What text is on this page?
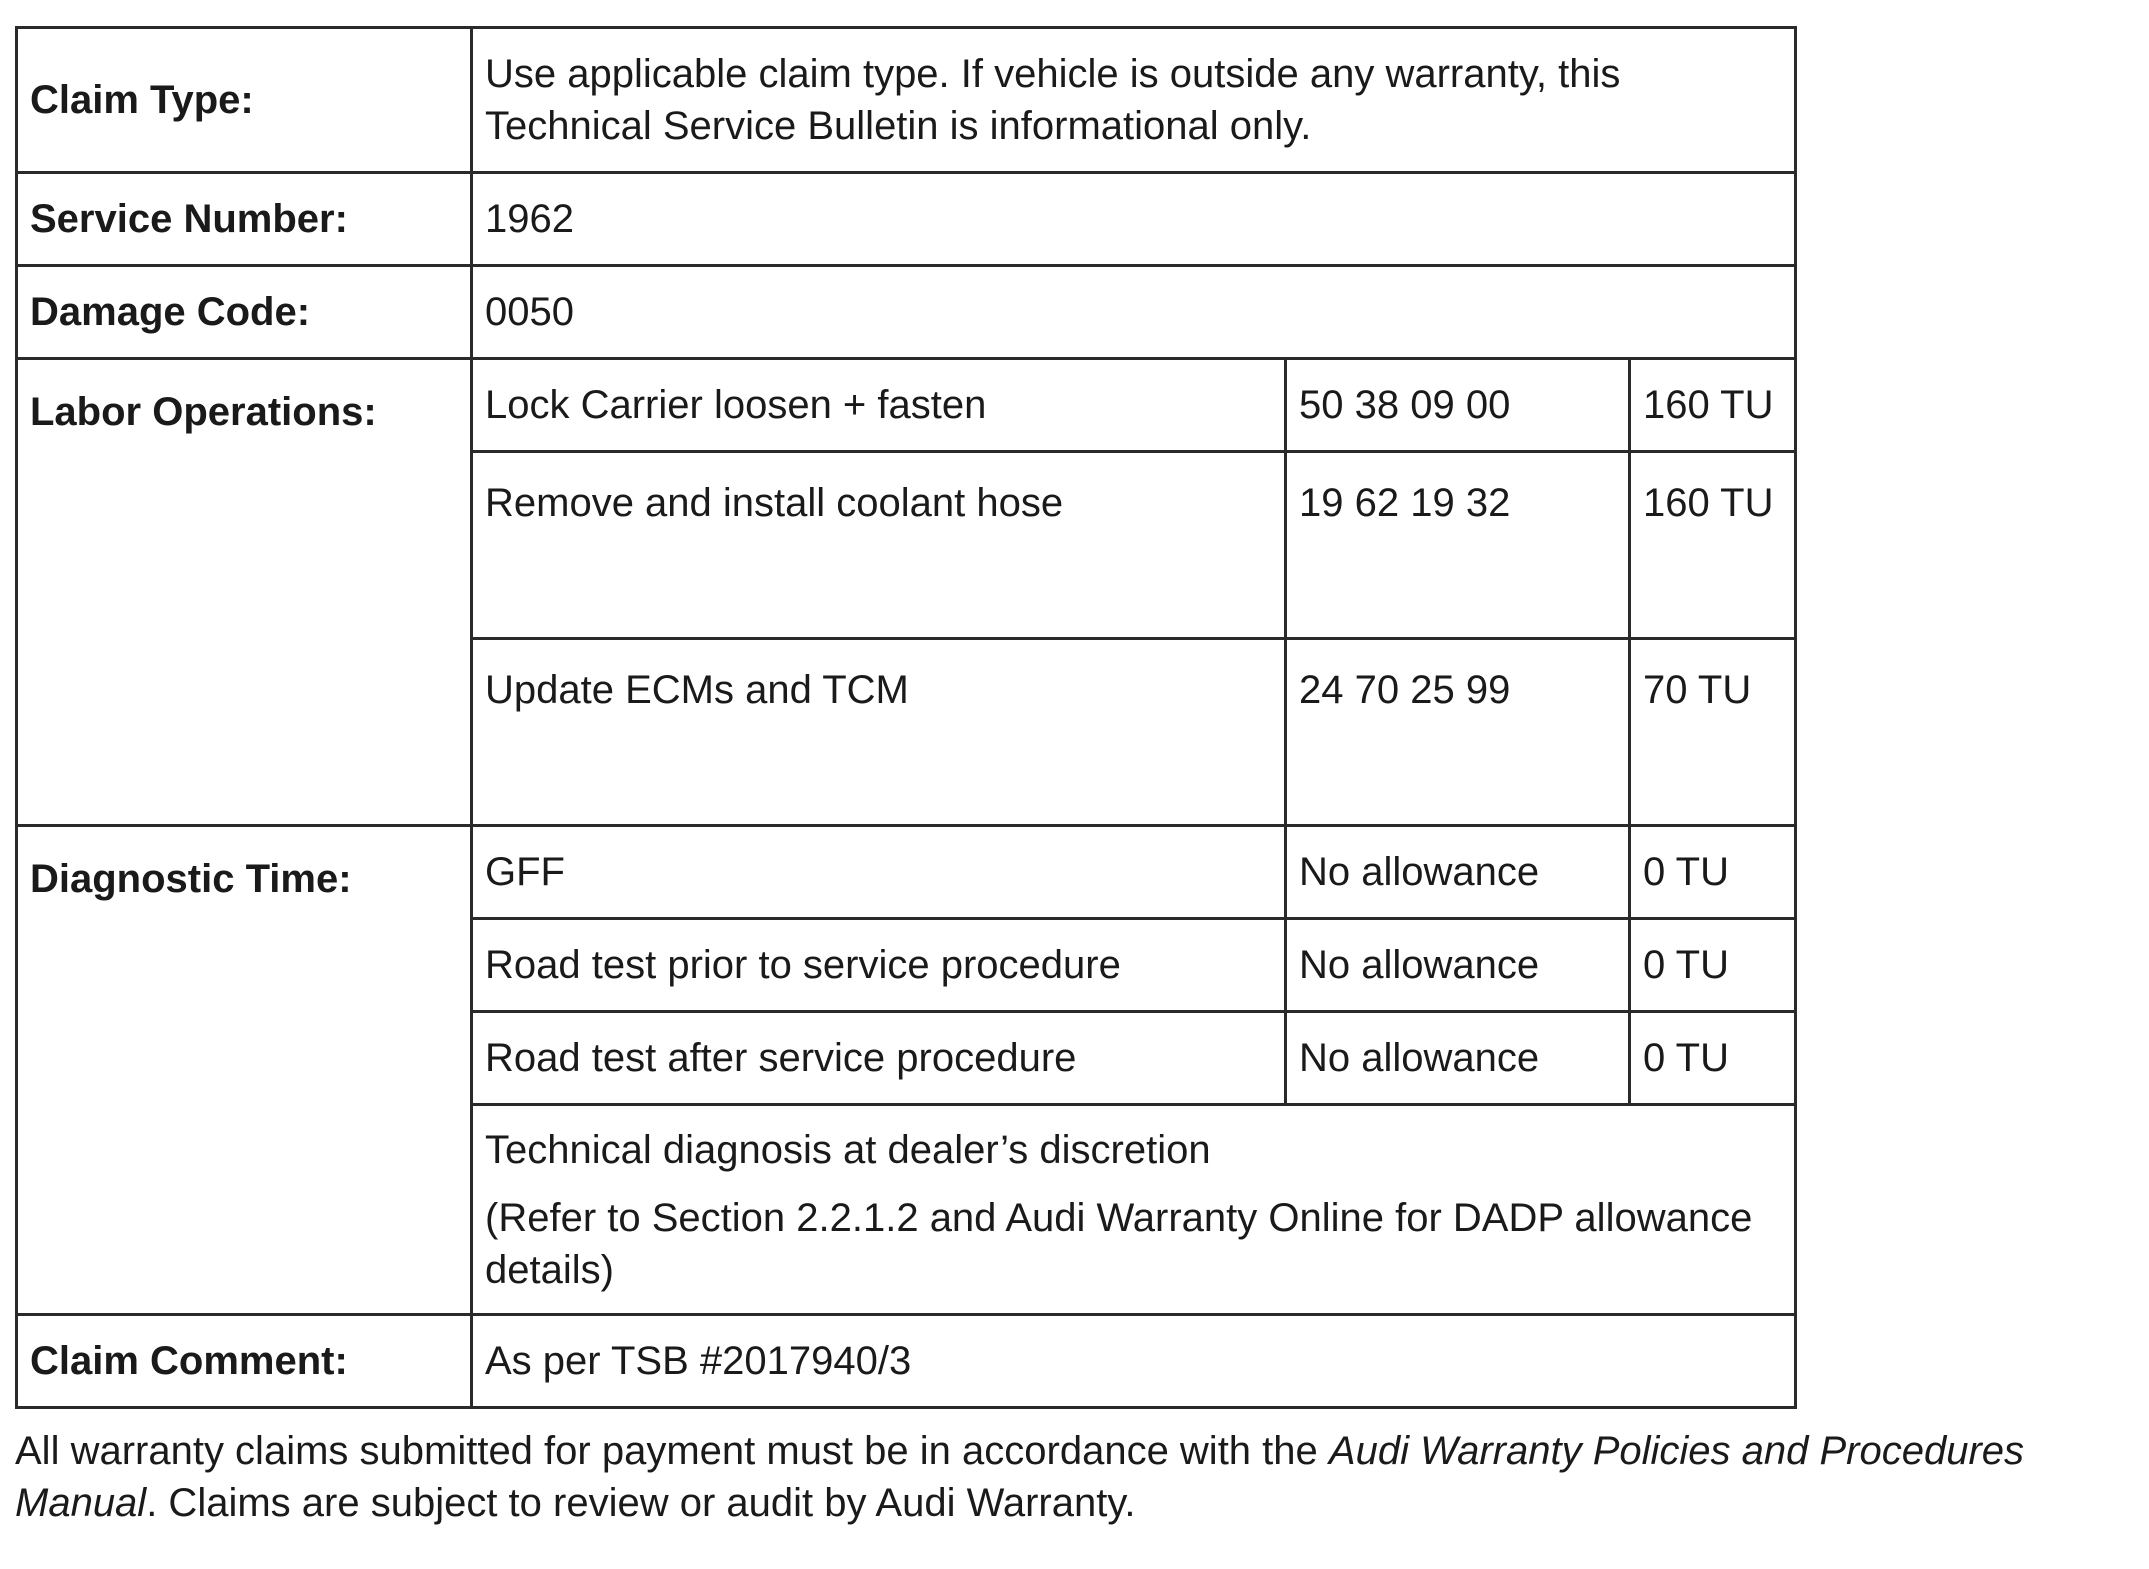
Claim Type:	Use applicable claim type. If vehicle is outside any warranty, this
Technical Service Bulletin is informational only.		
Service Number:	1962		
Damage Code:	0050		
Labor Operations:	Lock Carrier loosen + fasten	50 38 09 00	160 TU
	Remove and install coolant hose	19 62 19 32	160 TU
	Update ECMs and TCM	24 70 25 99	70 TU
Diagnostic Time:	GFF	No allowance	0 TU
	Road test prior to service procedure	No allowance	0 TU
	Road test after service procedure	No allowance	0 TU
	Technical diagnosis at dealer’s discretion
(Refer to Section 2.2.1.2 and Audi Warranty Online for DADP allowance details)		

Claim Comment:	As per TSB #2017940/3		

All warranty claims submitted for payment must be in accordance with the Audi Warranty Policies and Procedures Manual. Claims are subject to review or audit by Audi Warranty.
